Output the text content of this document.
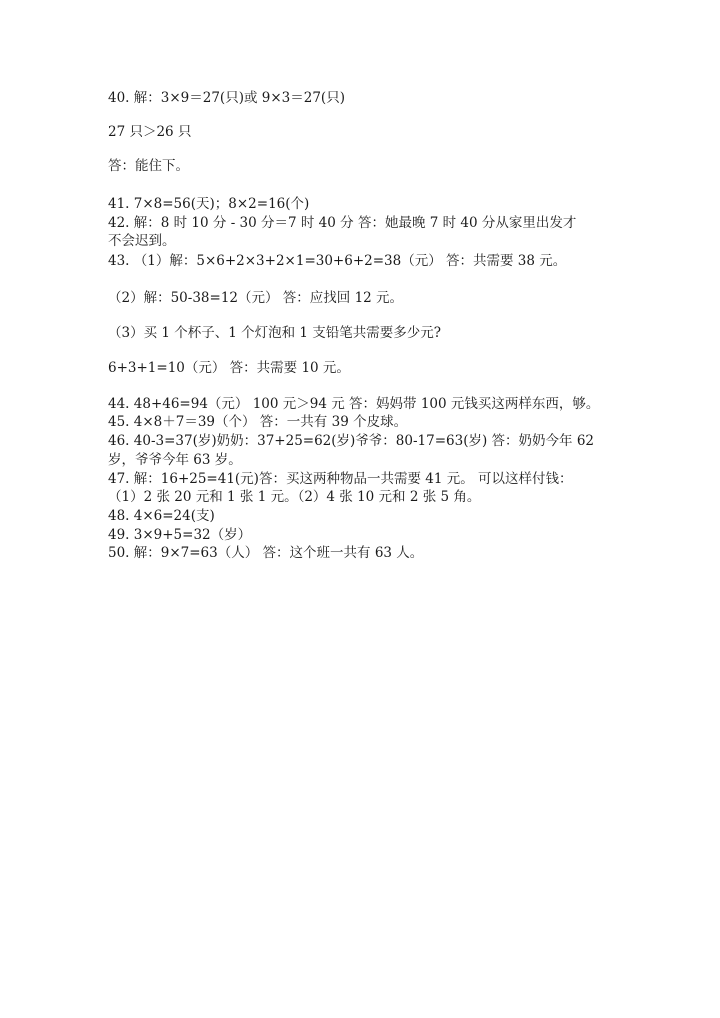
40. 解：3×9＝27(只)或 9×3＝27(只)
27 只＞26 只
答：能住下。
41. 7×8=56(天)；8×2=16(个)
42. 解：8 时 10 分 - 30 分＝7 时 40 分 答：她最晚 7 时 40 分从家里出发才
不会迟到。
43. （1）解：5×6+2×3+2×1=30+6+2=38（元） 答：共需要 38 元。
（2）解：50-38=12（元） 答：应找回 12 元。
（3）买 1 个杯子、1 个灯泡和 1 支铅笔共需要多少元?
6+3+1=10（元） 答：共需要 10 元。
44. 48+46=94（元） 100 元＞94 元 答：妈妈带 100 元钱买这两样东西，够。
45. 4×8＋7＝39（个） 答：一共有 39 个皮球。
46. 40-3=37(岁)奶奶：37+25=62(岁)爷爷：80-17=63(岁) 答：奶奶今年 62
岁，爷爷今年 63 岁。
47. 解：16+25=41(元)答：买这两种物品一共需要 41 元。 可以这样付钱：
（1）2 张 20 元和 1 张 1 元。（2）4 张 10 元和 2 张 5 角。
48. 4×6=24(支)
49. 3×9+5=32（岁）
50. 解：9×7=63（人） 答：这个班一共有 63 人。
